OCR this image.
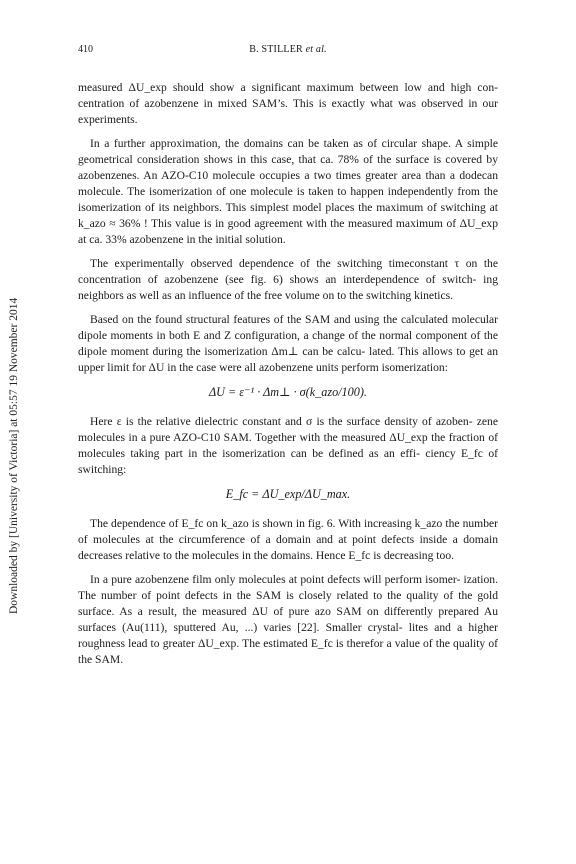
410	B. STILLER et al.
Downloaded by [University of Victoria] at 05:57 19 November 2014

measured ΔU_exp should show a significant maximum between low and high con- centration of azobenzene in mixed SAM’s. This is exactly what was observed in our experiments.

In a further approximation, the domains can be taken as of circular shape. A simple geometrical consideration shows in this case, that ca. 78% of the surface is covered by azobenzenes. An AZO-C10 molecule occupies a two times greater area than a dodecan molecule. The isomerization of one molecule is taken to happen independently from the isomerization of its neighbors. This simplest model places the maximum of switching at k_azo ≈ 36% ! This value is in good agreement with the measured maximum of ΔU_exp at ca. 33% azobenzene in the initial solution.

The experimentally observed dependence of the switching timeconstant τ on the concentration of azobenzene (see fig. 6) shows an interdependence of switch- ing neighbors as well as an influence of the free volume on to the switching kinetics.

Based on the found structural features of the SAM and using the calculated molecular dipole moments in both E and Z configuration, a change of the normal component of the dipole moment during the isomerization Δm⊥ can be calcu- lated. This allows to get an upper limit for ΔU in the case were all azobenzene units perform isomerization:

ΔU = ε⁻¹ · Δm⊥ · σ(k_azo/100).

Here ε is the relative dielectric constant and σ is the surface density of azoben- zene molecules in a pure AZO-C10 SAM. Together with the measured ΔU_exp the fraction of molecules taking part in the isomerization can be defined as an effi- ciency E_fc of switching:

E_fc = ΔU_exp/ΔU_max.

The dependence of E_fc on k_azo is shown in fig. 6. With increasing k_azo the number of molecules at the circumference of a domain and at point defects inside a domain decreases relative to the molecules in the domains. Hence E_fc is decreasing too.

In a pure azobenzene film only molecules at point defects will perform isomer- ization. The number of point defects in the SAM is closely related to the quality of the gold surface. As a result, the measured ΔU of pure azo SAM on differently prepared Au surfaces (Au(111), sputtered Au, ...) varies [22]. Smaller crystal- lites and a higher roughness lead to greater ΔU_exp. The estimated E_fc is therefor a value of the quality of the SAM.
